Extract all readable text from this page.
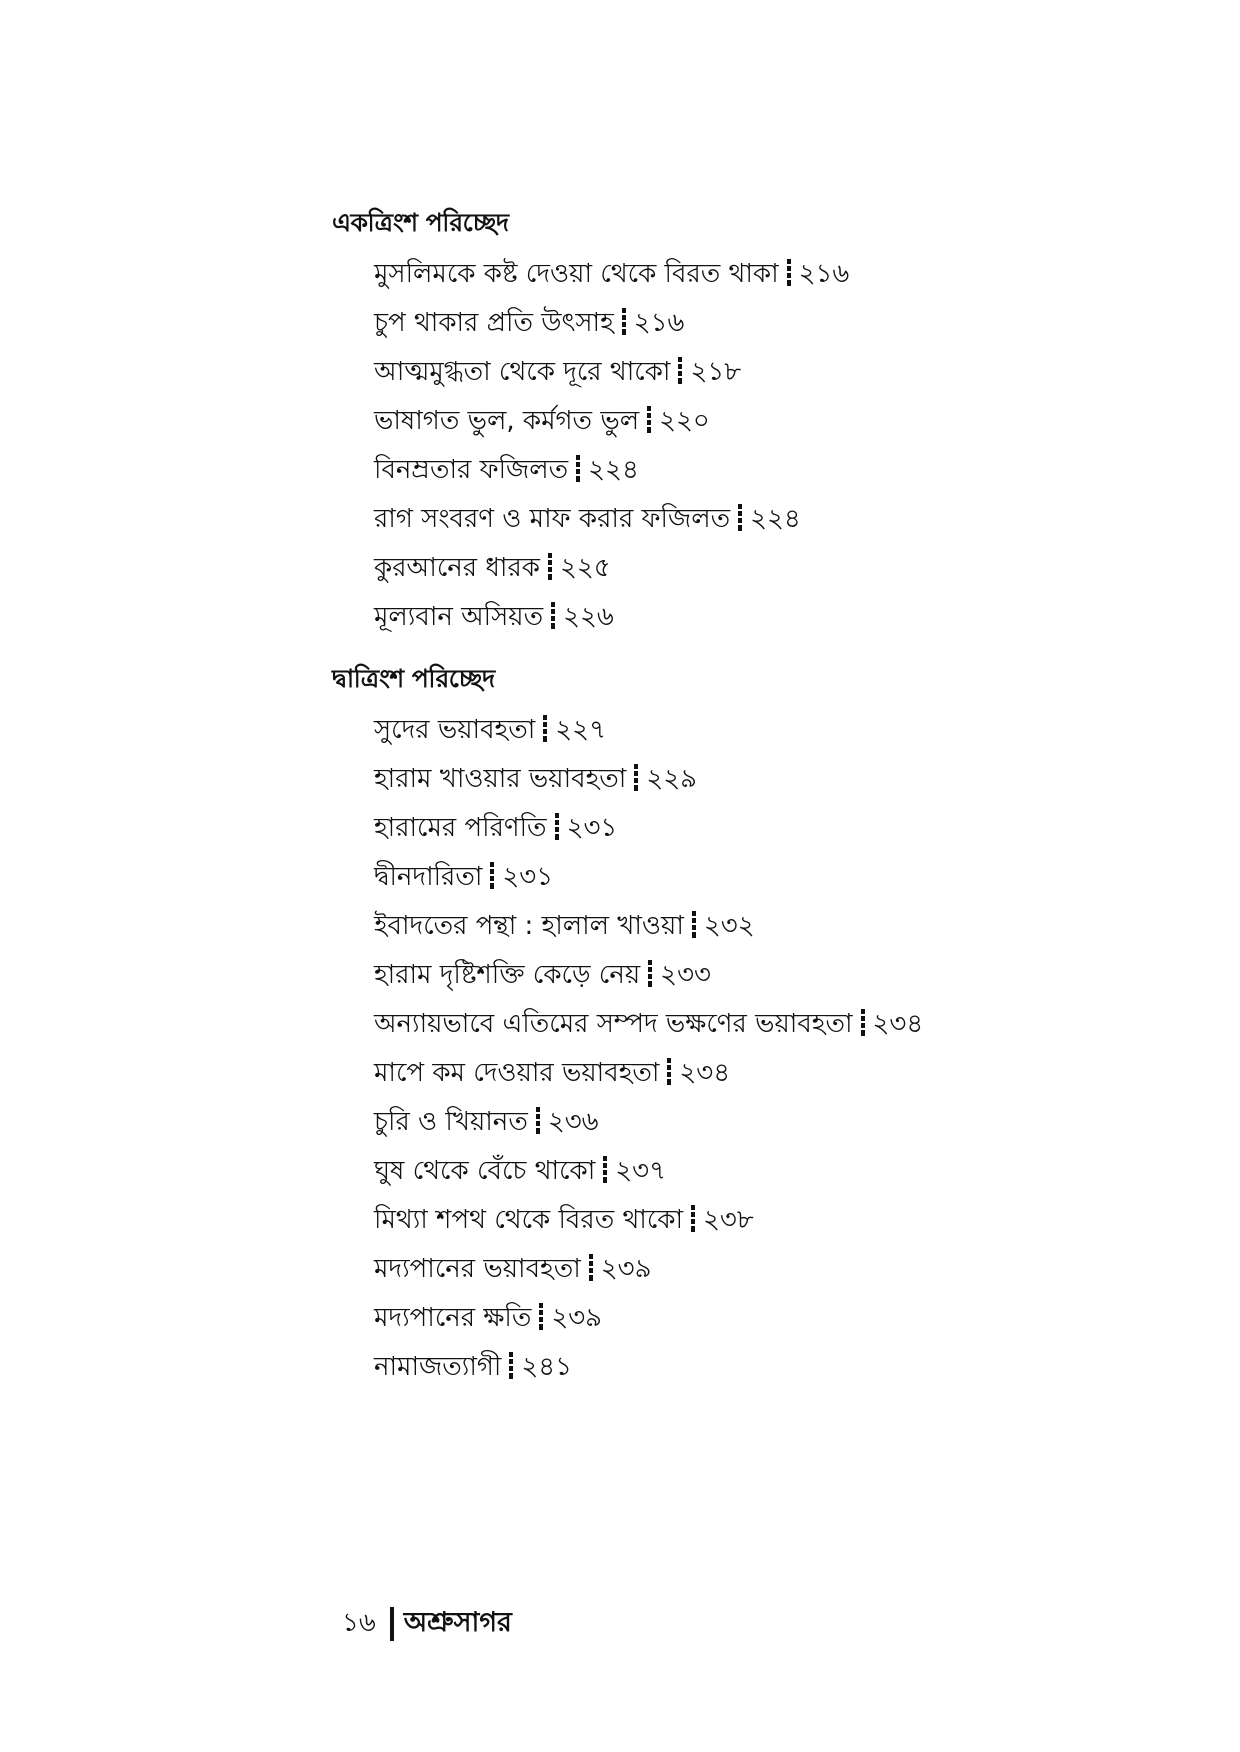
একত্রিংশ পরিচ্ছেদ
মুসলিমকে কষ্ট দেওয়া থেকে বিরত থাকা ২১৬
চুপ থাকার প্রতি উৎসাহ ২১৬
আত্মমুগ্ধতা থেকে দূরে থাকো ২১৮
ভাষাগত ভুল, কর্মগত ভুল ২২০
বিনম্রতার ফজিলত ২২৪
রাগ সংবরণ ও মাফ করার ফজিলত ২২৪
কুরআনের ধারক ২২৫
মূল্যবান অসিয়ত ২২৬
দ্বাত্রিংশ পরিচ্ছেদ
সুদের ভয়াবহতা ২২৭
হারাম খাওয়ার ভয়াবহতা ২২৯
হারামের পরিণতি ২৩১
দ্বীনদারিতা ২৩১
ইবাদতের পন্থা : হালাল খাওয়া ২৩২
হারাম দৃষ্টিশক্তি কেড়ে নেয় ২৩৩
অন্যায়ভাবে এতিমের সম্পদ ভক্ষণের ভয়াবহতা ২৩৪
মাপে কম দেওয়ার ভয়াবহতা ২৩৪
চুরি ও খিয়ানত ২৩৬
ঘুষ থেকে বেঁচে থাকো ২৩৭
মিথ্যা শপথ থেকে বিরত থাকো ২৩৮
মদ্যপানের ভয়াবহতা ২৩৯
মদ্যপানের ক্ষতি ২৩৯
নামাজত্যাগী ২৪১
১৬ অশ্রুসাগর
